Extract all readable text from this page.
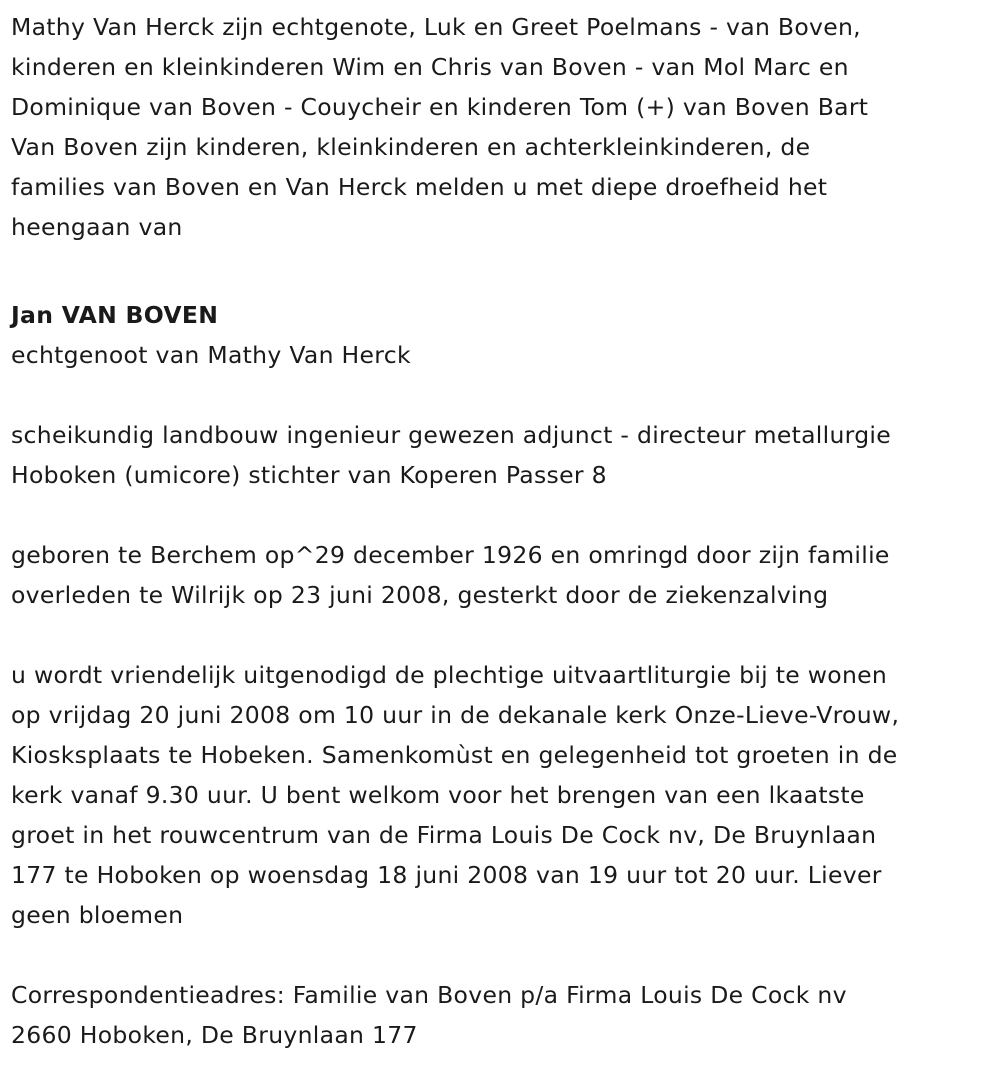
Mathy Van Herck zijn echtgenote, Luk en Greet Poelmans - van Boven,

kinderen en kleinkinderen Wim en Chris van Boven - van Mol Marc en

Dominique van Boven - Couycheir en kinderen Tom (+) van Boven Bart

Van Boven zijn kinderen, kleinkinderen en achterkleinkinderen, de

families van Boven en Van Herck melden u met diepe droefheid het

heengaan van

Jan VAN BOVEN

echtgenoot van Mathy Van Herck

scheikundig landbouw ingenieur gewezen adjunct - directeur metallurgie

Hoboken (umicore) stichter van Koperen Passer 8

geboren te Berchem op^29 december 1926 en omringd door zijn familie

overleden te Wilrijk op 23 juni 2008, gesterkt door de ziekenzalving

u wordt vriendelijk uitgenodigd de plechtige uitvaartliturgie bij te wonen

op vrijdag 20 juni 2008 om 10 uur in de dekanale kerk Onze-Lieve-Vrouw,

Kiosksplaats te Hobeken. Samenkomùst en gelegenheid tot groeten in de

kerk vanaf 9.30 uur. U bent welkom voor het brengen van een lkaatste

groet in het rouwcentrum van de Firma Louis De Cock nv, De Bruynlaan

177 te Hoboken op woensdag 18 juni 2008 van 19 uur tot 20 uur. Liever

geen bloemen

Correspondentieadres: Familie van Boven p/a Firma Louis De Cock nv

2660 Hoboken, De Bruynlaan 177
